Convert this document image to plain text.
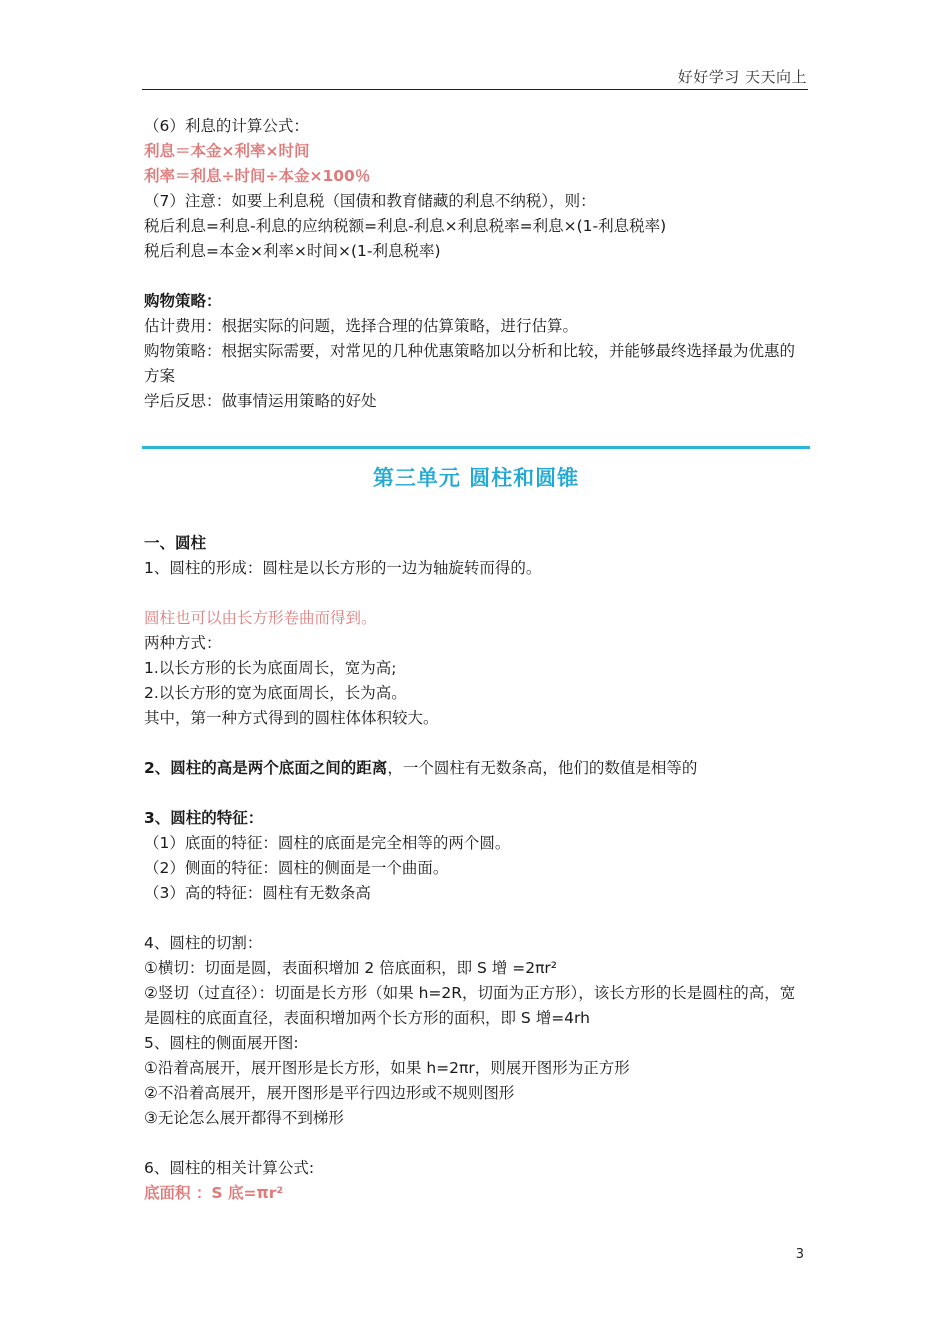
好好学习 天天向上
（6）利息的计算公式：
利息＝本金×利率×时间
利率＝利息÷时间÷本金×100％
（7）注意：如要上利息税（国债和教育储藏的利息不纳税），则：
税后利息=利息-利息的应纳税额=利息-利息×利息税率=利息×(1-利息税率)
税后利息=本金×利率×时间×(1-利息税率)
购物策略：
估计费用：根据实际的问题，选择合理的估算策略，进行估算。
购物策略：根据实际需要，对常见的几种优惠策略加以分析和比较，并能够最终选择最为优惠的方案
学后反思：做事情运用策略的好处
第三单元 圆柱和圆锥
一、圆柱
1、圆柱的形成：圆柱是以长方形的一边为轴旋转而得的。
圆柱也可以由长方形卷曲而得到。
两种方式：
1.以长方形的长为底面周长，宽为高;
2.以长方形的宽为底面周长，长为高。
其中，第一种方式得到的圆柱体体积较大。
2、圆柱的高是两个底面之间的距离，一个圆柱有无数条高，他们的数值是相等的
3、圆柱的特征：
（1）底面的特征：圆柱的底面是完全相等的两个圆。
（2）侧面的特征：圆柱的侧面是一个曲面。
（3）高的特征：圆柱有无数条高
4、圆柱的切割：
①横切：切面是圆，表面积增加 2 倍底面积，即 S 增 =2πr²
②竖切（过直径）：切面是长方形（如果 h=2R，切面为正方形），该长方形的长是圆柱的高，宽是圆柱的底面直径，表面积增加两个长方形的面积，即 S 增=4rh
5、圆柱的侧面展开图:
①沿着高展开，展开图形是长方形，如果 h=2πr，则展开图形为正方形
②不沿着高展开，展开图形是平行四边形或不规则图形
③无论怎么展开都得不到梯形
6、圆柱的相关计算公式:
底面积 ：S 底=πr²
3
